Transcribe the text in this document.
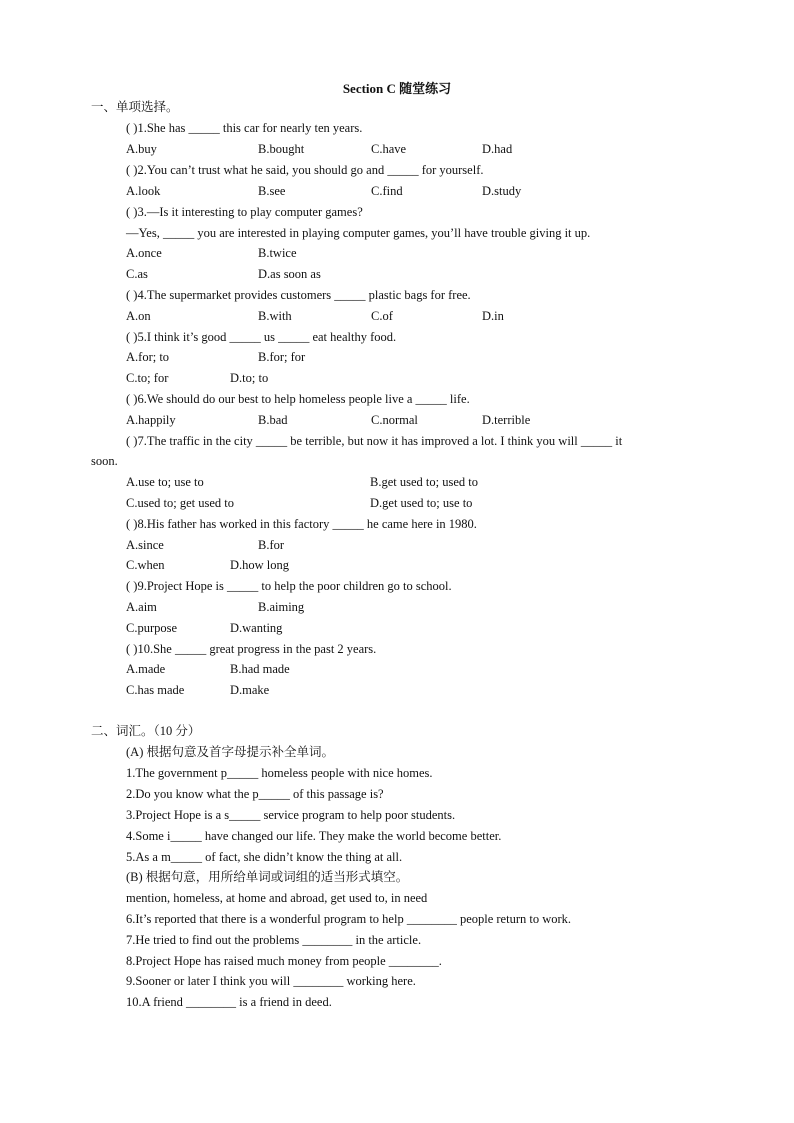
Section C 随堂练习
一、单项选择。
( )1.She has _____ this car for nearly ten years.
A.buy	B.bought	C.have	D.had
( )2.You can’t trust what he said, you should go and _____ for yourself.
A.look	B.see	C.find	D.study
( )3.—Is it interesting to play computer games?
—Yes, _____ you are interested in playing computer games, you’ll have trouble giving it up.
A.once	B.twice
C.as	D.as soon as
( )4.The supermarket provides customers _____ plastic bags for free.
A.on	B.with	C.of	D.in
( )5.I think it’s good _____ us _____ eat healthy food.
A.for; to	B.for; for
C.to; for	D.to; to
( )6.We should do our best to help homeless people live a _____ life.
A.happily	B.bad	C.normal	D.terrible
( )7.The traffic in the city _____ be terrible, but now it has improved a lot. I think you will _____ it
soon.
A.use to; use to	B.get used to; used to
C.used to; get used to	D.get used to; use to
( )8.His father has worked in this factory _____ he came here in 1980.
A.since	B.for
C.when	D.how long
( )9.Project Hope is _____ to help the poor children go to school.
A.aim	B.aiming
C.purpose	D.wanting
( )10.She _____ great progress in the past 2 years.
A.made	B.had made
C.has made	D.make
二、词汇。（10 分）
(A) 根据句意及首字母提示补全单词。
1.The government p_____ homeless people with nice homes.
2.Do you know what the p_____ of this passage is?
3.Project Hope is a s_____ service program to help poor students.
4.Some i_____ have changed our life. They make the world become better.
5.As a m_____ of fact, she didn’t know the thing at all.
(B) 根据句意，用所给单词或词组的适当形式填空。
mention, homeless, at home and abroad, get used to, in need
6.It’s reported that there is a wonderful program to help ________ people return to work.
7.He tried to find out the problems ________ in the article.
8.Project Hope has raised much money from people ________.
9.Sooner or later I think you will ________ working here.
10.A friend ________ is a friend in deed.
